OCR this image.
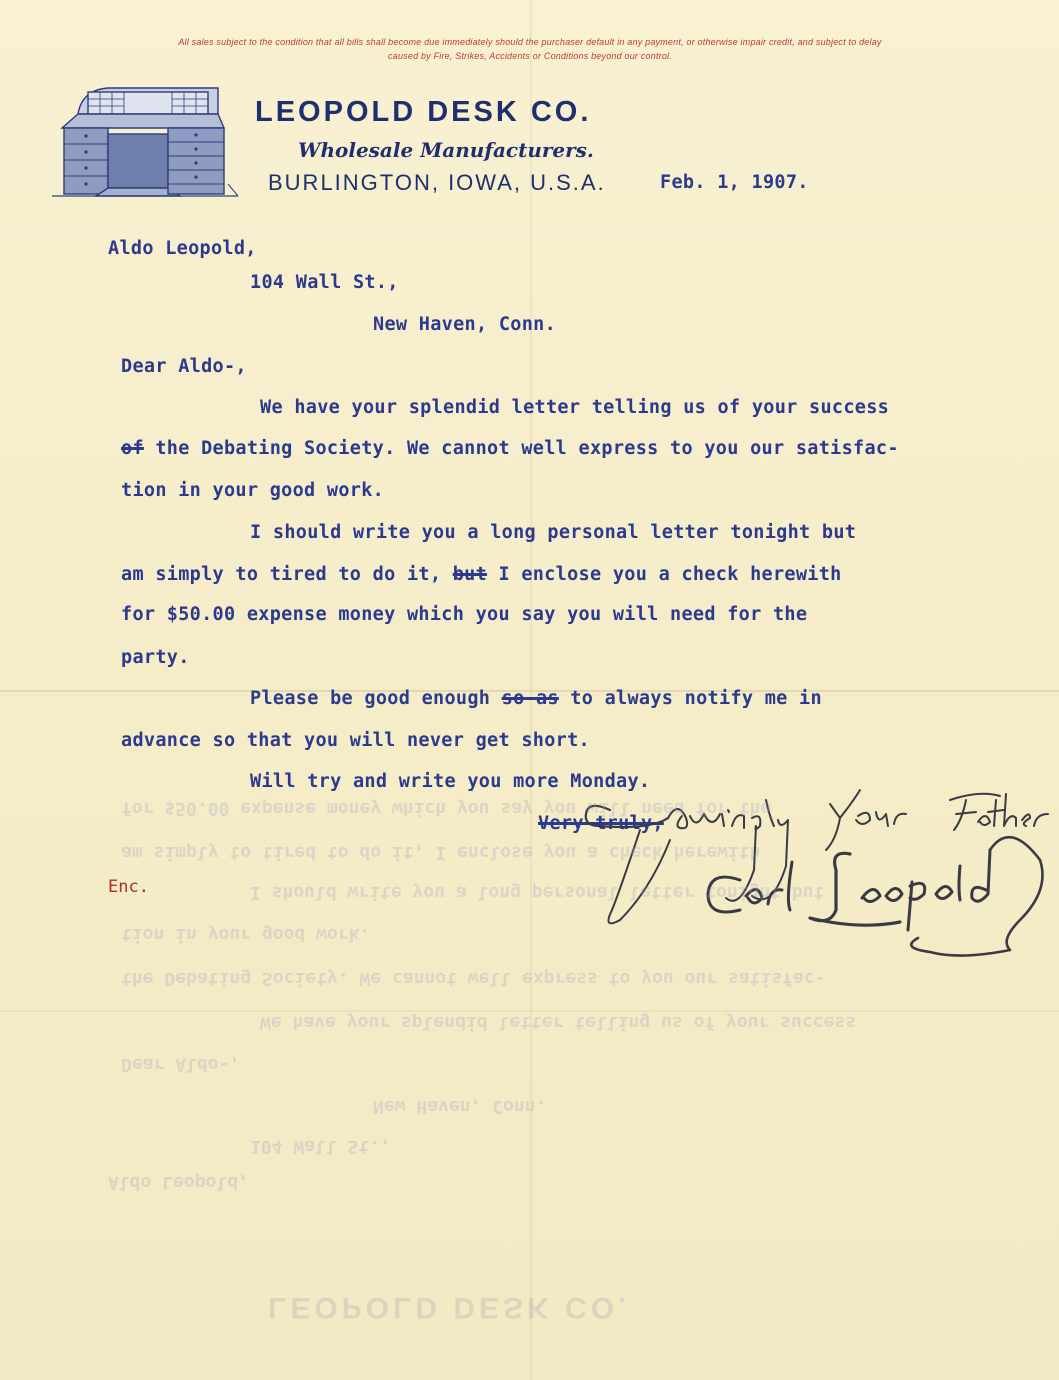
All sales subject to the condition that all bills shall become due immediately should the purchaser default in any payment, or otherwise impair credit, and subject to delay
caused by Fire, Strikes, Accidents or Conditions beyond our control.
LEOPOLD DESK CO.
Wholesale Manufacturers.
BURLINGTON, IOWA, U.S.A.	Feb. 1, 1907.
Aldo Leopold,
104 Wall St.,
New Haven, Conn.
Dear Aldo-,
We have your splendid letter telling us of your success
of the Debating Society. We cannot well express to you our satisfac-
tion in your good work.
I should write you a long personal letter tonight but
am simply to tired to do it, but I enclose you a check herewith
for $50.00 expense money which you say you will need for the
party.
Please be good enough so as to always notify me in
advance so that you will never get short.
Will try and write you more Monday.
Very truly,
Enc.
for $50.00 expense money which you say you will need for the
am simply to tired to do it, I enclose you a check herewith
I should write you a long personal letter tonight but
tion in your good work.
the Debating Society. We cannot well express to you our satisfac-
We have your splendid letter telling us of your success
Dear Aldo-,
New Haven, Conn.
104 Wall St.,
Aldo Leopold,
LEOPOLD DESK CO.
